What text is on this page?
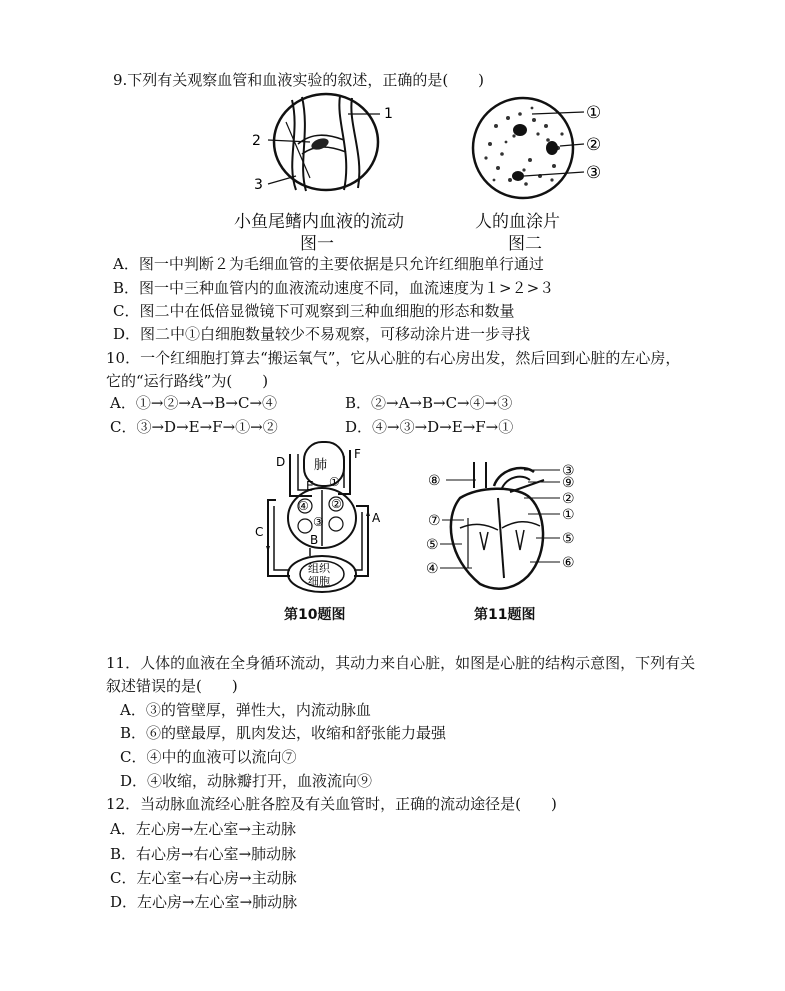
9.下列有关观察血管和血液实验的叙述，正确的是(　　)
1
2
3
小鱼尾鳍内血液的流动
图一
①
②
③
人的血涂片
图二
A．图一中判断２为毛细血管的主要依据是只允许红细胞单行通过
B．图一中三种血管内的血液流动速度不同，血流速度为１>２>３
C．图二中在低倍显微镜下可观察到三种血细胞的形态和数量
D．图二中①白细胞数量较少不易观察，可移动涂片进一步寻找
10．一个红细胞打算去“搬运氧气”，它从心脏的右心房出发，然后回到心脏的左心房，
它的“运行路线”为(　　)
A．①→②→A→B→C→④	B．②→A→B→C→④→③
C．③→D→E→F→①→②	D．④→③→D→E→F→①
肺
组织
细胞
D
F
E ①
②
③
④
A
B
C
第10题图
⑧
⑦
⑤
④
③
⑨
②
①
⑤
⑥
第11题图
11．人体的血液在全身循环流动，其动力来自心脏，如图是心脏的结构示意图，下列有关
叙述错误的是(　　)
A．③的管壁厚，弹性大，内流动脉血
B．⑥的壁最厚，肌肉发达，收缩和舒张能力最强
C．④中的血液可以流向⑦
D．④收缩，动脉瓣打开，血液流向⑨
12．当动脉血流经心脏各腔及有关血管时，正确的流动途径是(　　)
A．左心房→左心室→主动脉
B．右心房→右心室→肺动脉
C．左心室→右心房→主动脉
D．左心房→左心室→肺动脉
